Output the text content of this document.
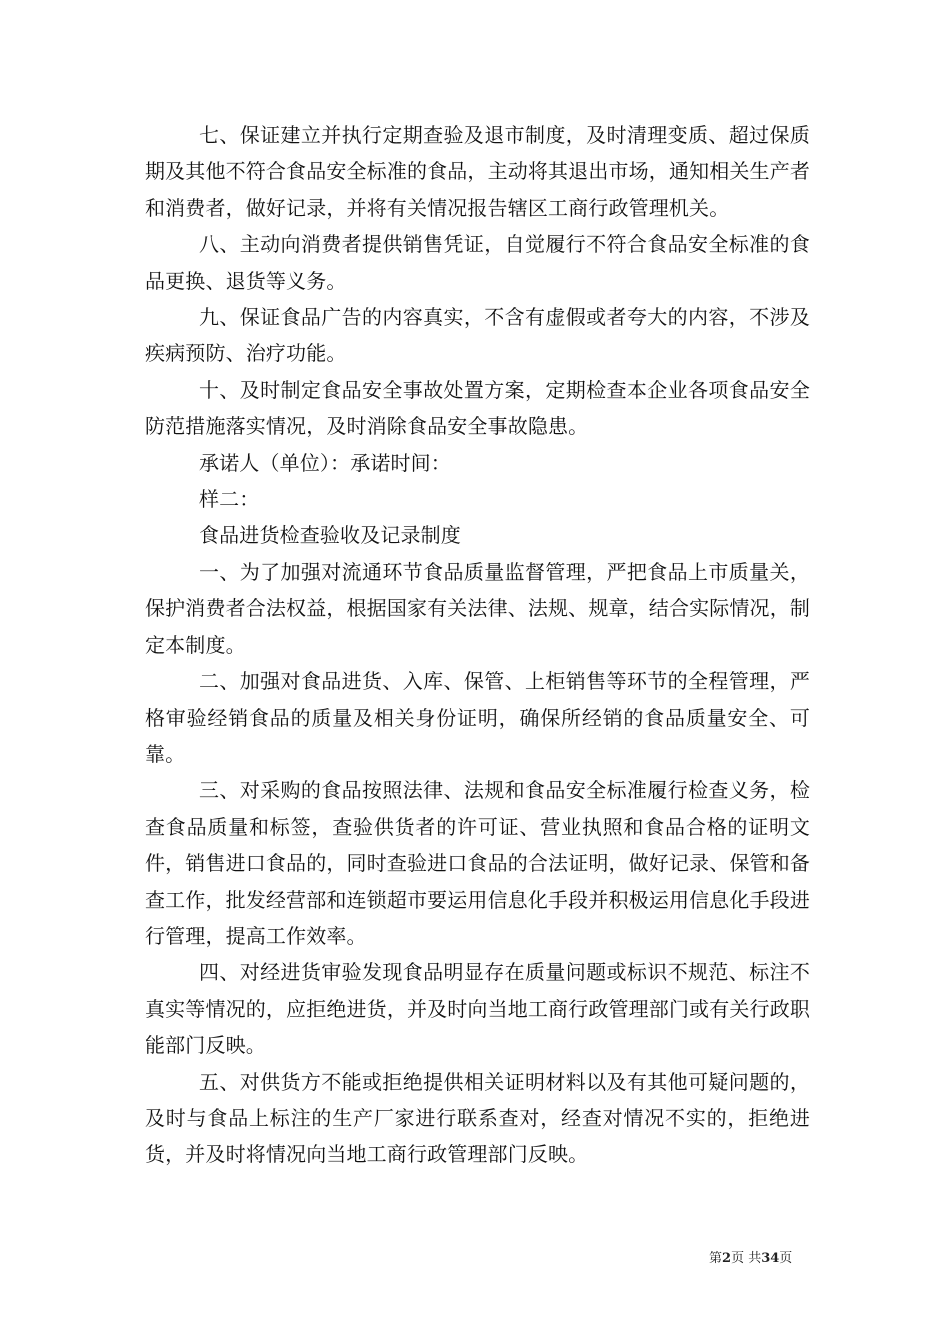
七、保证建立并执行定期查验及退市制度，及时清理变质、超过保质期及其他不符合食品安全标准的食品，主动将其退出市场，通知相关生产者和消费者，做好记录，并将有关情况报告辖区工商行政管理机关。

八、主动向消费者提供销售凭证，自觉履行不符合食品安全标准的食品更换、退货等义务。

九、保证食品广告的内容真实，不含有虚假或者夸大的内容，不涉及疾病预防、治疗功能。

十、及时制定食品安全事故处置方案，定期检查本企业各项食品安全防范措施落实情况，及时消除食品安全事故隐患。

承诺人（单位）：承诺时间：

样二：

食品进货检查验收及记录制度

一、为了加强对流通环节食品质量监督管理，严把食品上市质量关，保护消费者合法权益，根据国家有关法律、法规、规章，结合实际情况，制定本制度。

二、加强对食品进货、入库、保管、上柜销售等环节的全程管理，严格审验经销食品的质量及相关身份证明，确保所经销的食品质量安全、可靠。

三、对采购的食品按照法律、法规和食品安全标准履行检查义务，检查食品质量和标签，查验供货者的许可证、营业执照和食品合格的证明文件，销售进口食品的，同时查验进口食品的合法证明，做好记录、保管和备查工作，批发经营部和连锁超市要运用信息化手段并积极运用信息化手段进行管理，提高工作效率。

四、对经进货审验发现食品明显存在质量问题或标识不规范、标注不真实等情况的，应拒绝进货，并及时向当地工商行政管理部门或有关行政职能部门反映。

五、对供货方不能或拒绝提供相关证明材料以及有其他可疑问题的，及时与食品上标注的生产厂家进行联系查对，经查对情况不实的，拒绝进货，并及时将情况向当地工商行政管理部门反映。

第2页 共34页
